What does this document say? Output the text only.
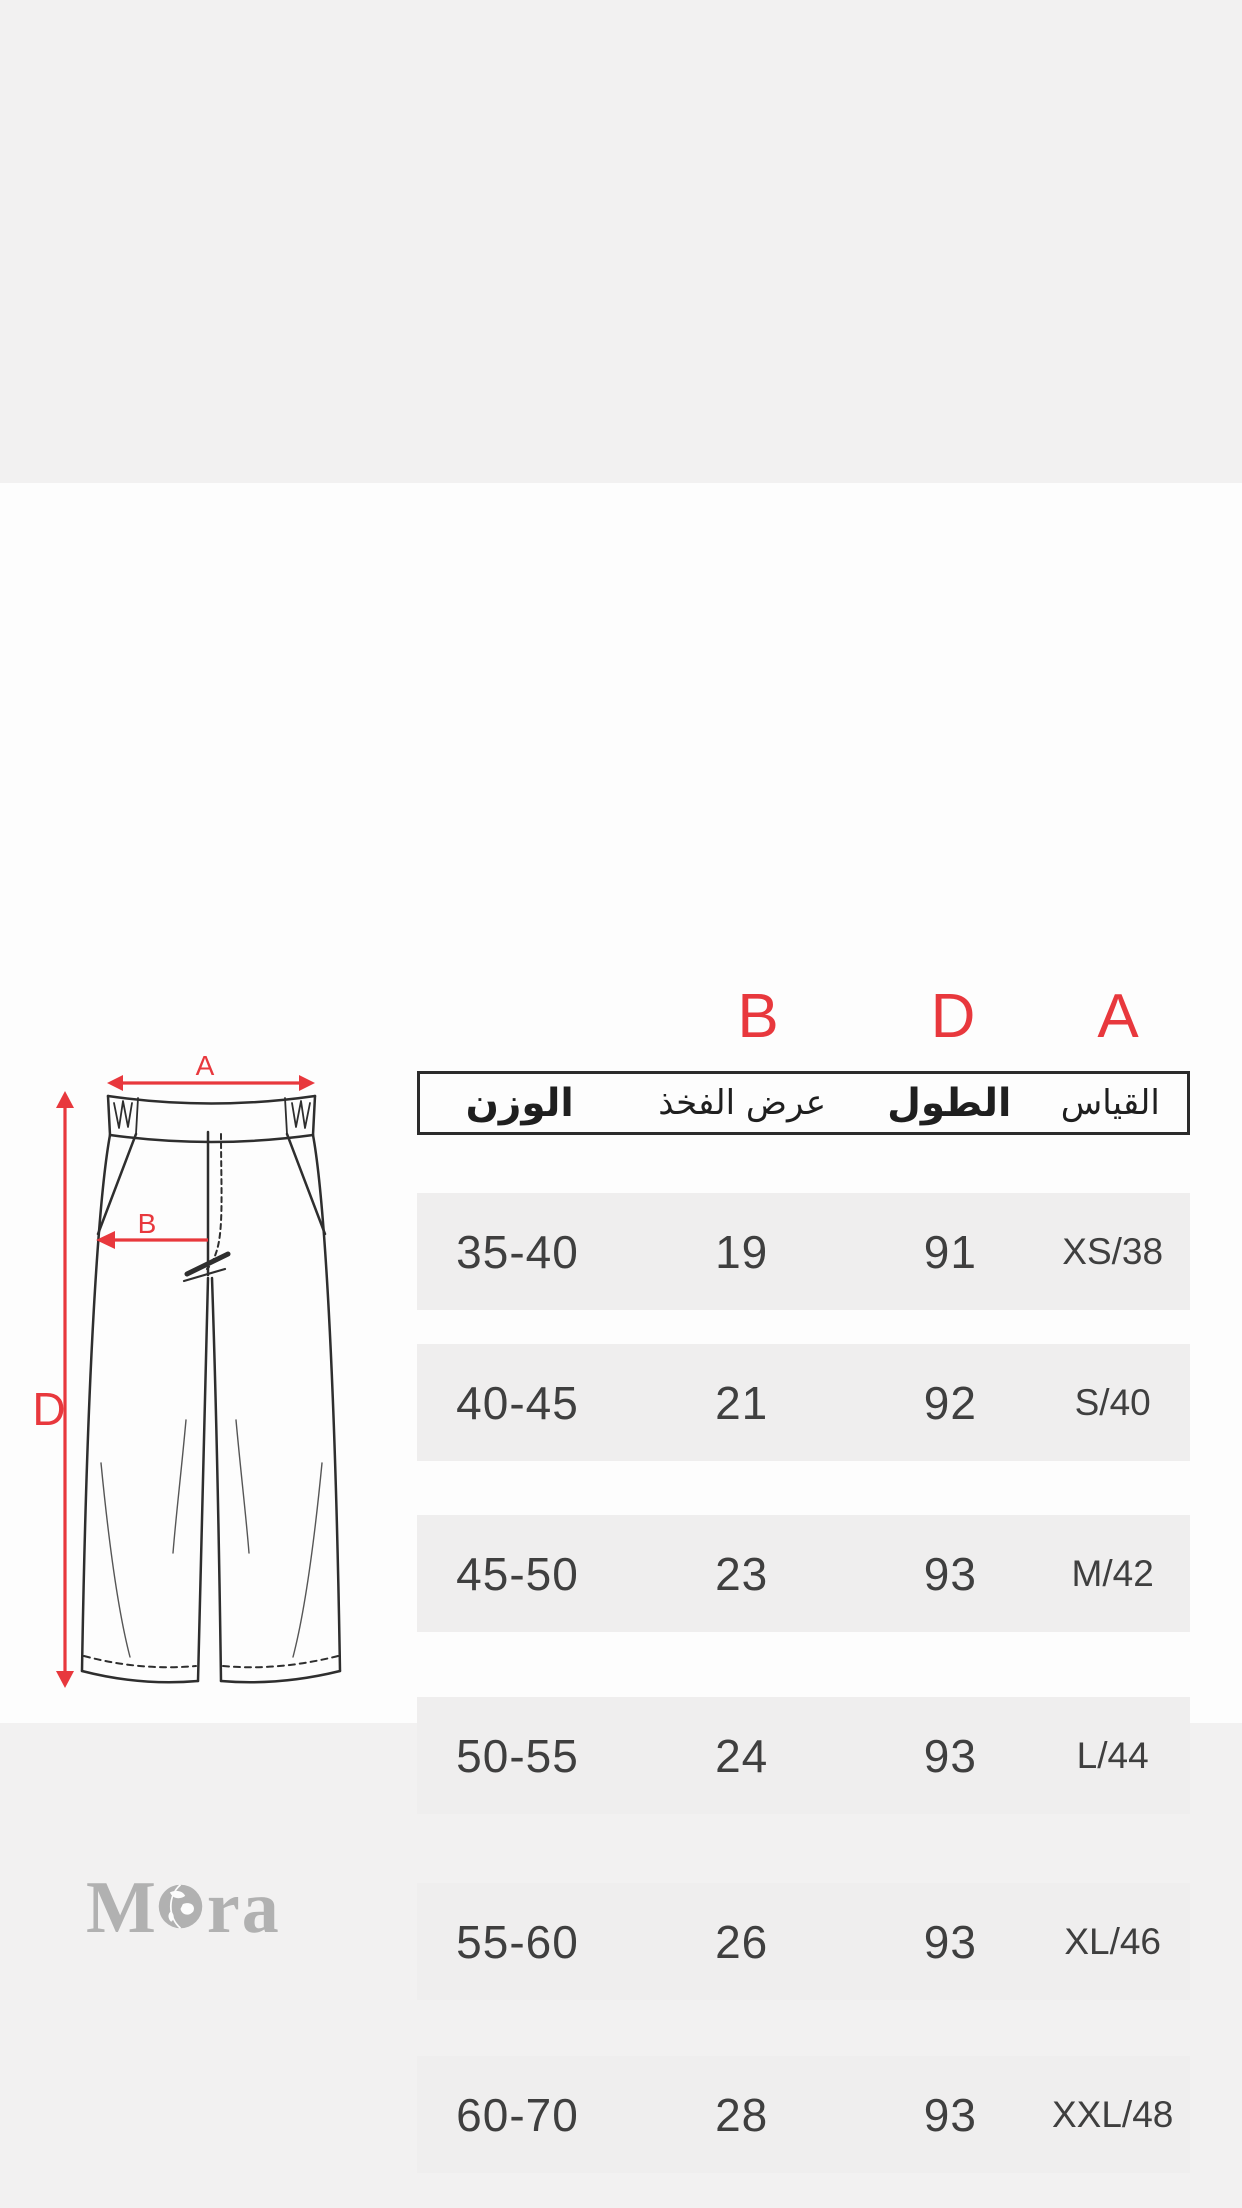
A
B
D
M ra
B D A
الوزن	عرض الفخذ	الطول	القياس
35-40	19	91	XS/38
40-45	21	92	S/40
45-50	23	93	M/42
50-55	24	93	L/44
55-60	26	93	XL/46
60-70	28	93	XXL/48
